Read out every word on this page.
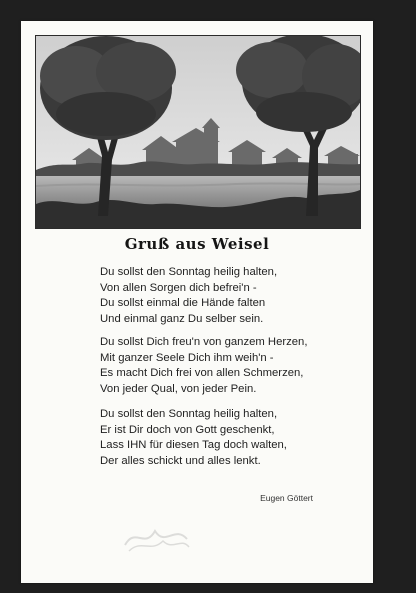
Gruß aus Weisel
Du sollst den Sonntag heilig halten,
Von allen Sorgen dich befrei'n -
Du sollst einmal die Hände falten
Und einmal ganz Du selber sein.
Du sollst Dich freu'n von ganzem Herzen,
Mit ganzer Seele Dich ihm weih'n -
Es macht Dich frei von allen Schmerzen,
Von jeder Qual, von jeder Pein.
Du sollst den Sonntag heilig halten,
Er ist Dir doch von Gott geschenkt,
Lass IHN für diesen Tag doch walten,
Der alles schickt und alles lenkt.
Eugen Göttert
